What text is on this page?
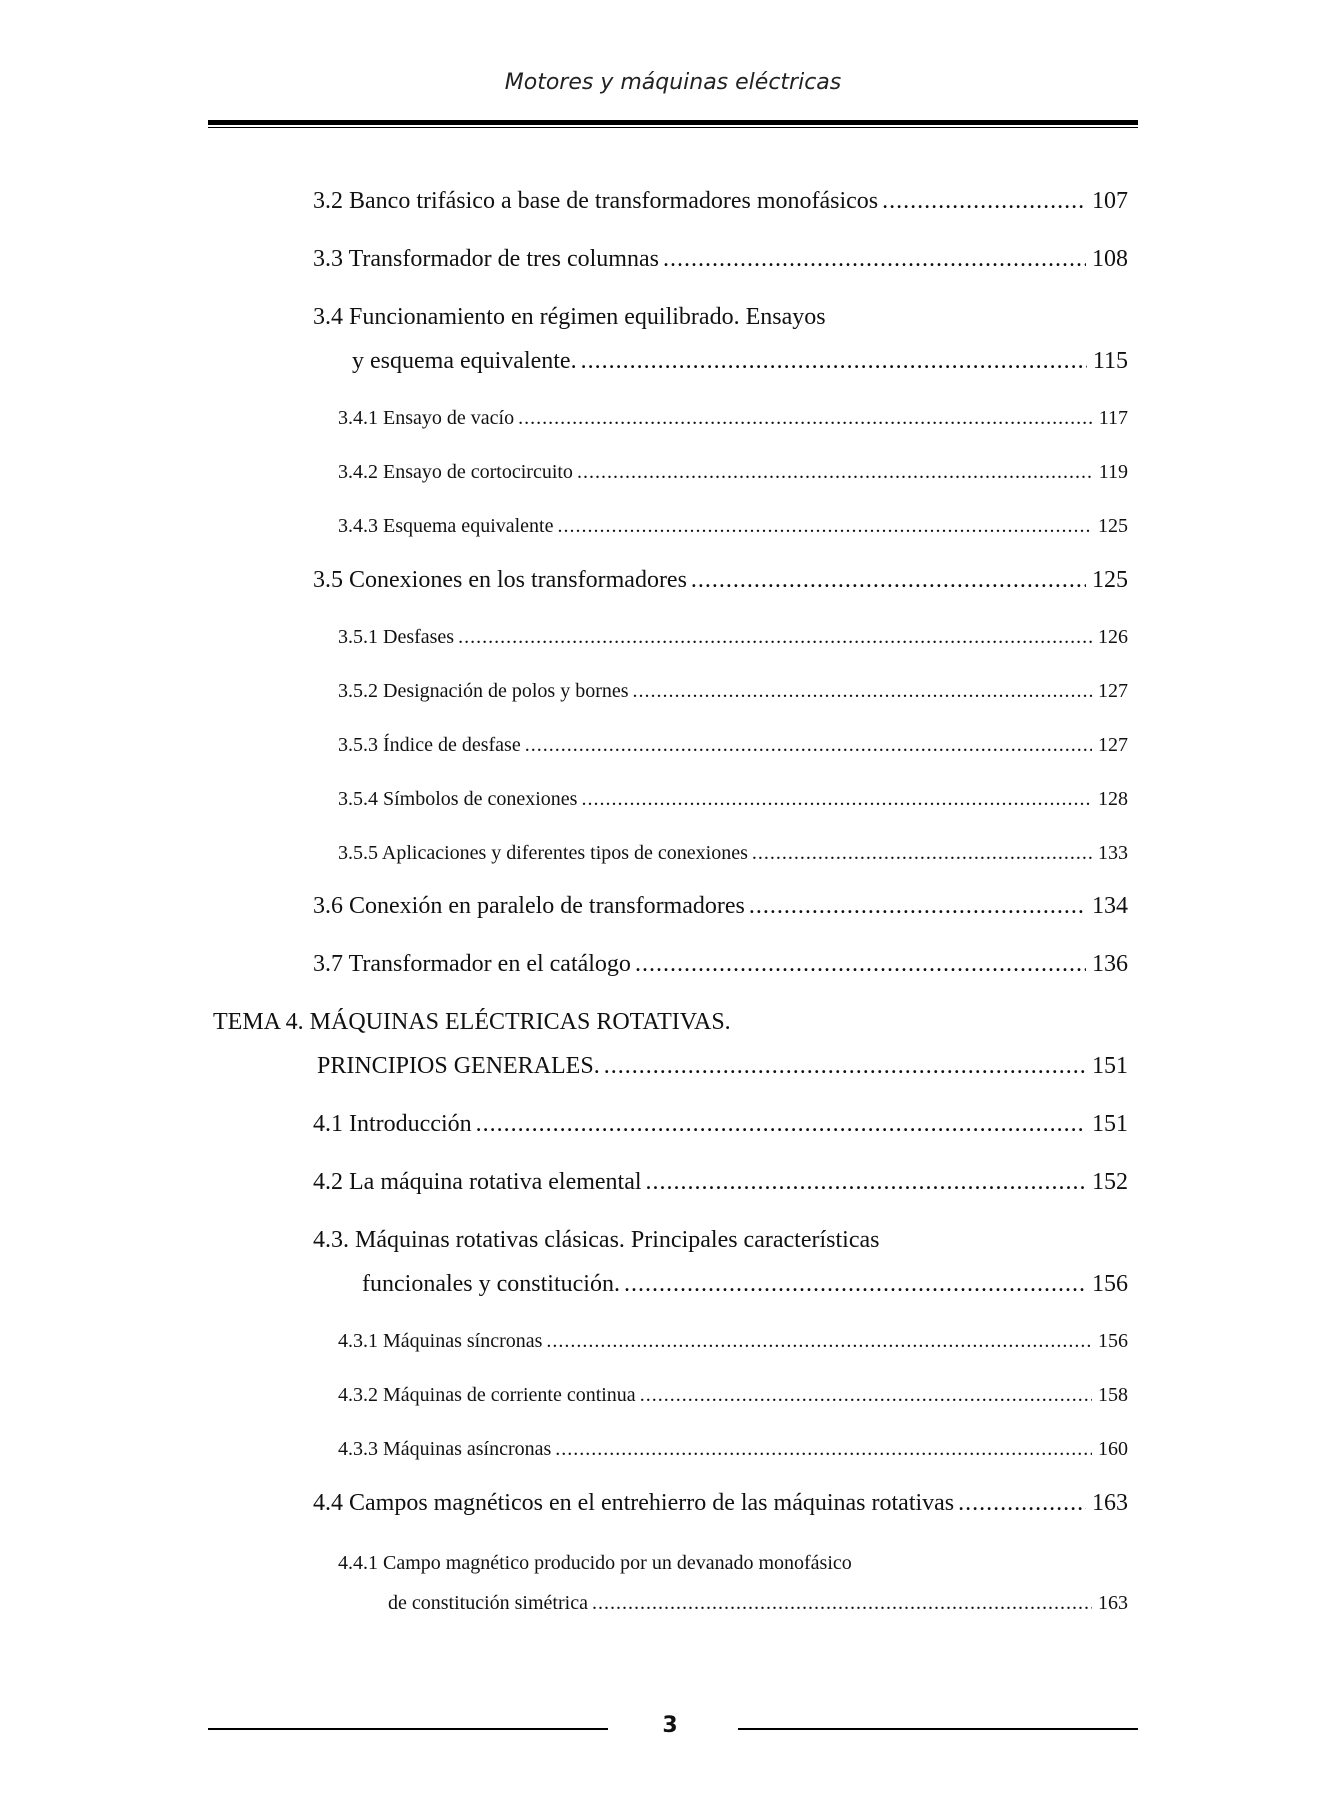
Motores y máquinas eléctricas
3.2 Banco trifásico a base de transformadores monofásicos .....	107
3.3 Transformador de tres columnas .....	108
3.4 Funcionamiento en régimen equilibrado. Ensayos
y esquema equivalente. .....	115
3.4.1 Ensayo de vacío .....	117
3.4.2 Ensayo de cortocircuito .....	119
3.4.3 Esquema equivalente .....	125
3.5 Conexiones en los transformadores .....	125
3.5.1 Desfases .....	126
3.5.2 Designación de polos y bornes .....	127
3.5.3 Índice de desfase .....	127
3.5.4 Símbolos de conexiones .....	128
3.5.5 Aplicaciones y diferentes tipos de conexiones .....	133
3.6 Conexión en paralelo de transformadores .....	134
3.7 Transformador en el catálogo .....	136
TEMA 4. MÁQUINAS ELÉCTRICAS ROTATIVAS.
PRINCIPIOS GENERALES. .....	151
4.1 Introducción .....	151
4.2 La máquina rotativa elemental .....	152
4.3. Máquinas rotativas clásicas. Principales características
funcionales y constitución. .....	156
4.3.1 Máquinas síncronas .....	156
4.3.2 Máquinas de corriente continua .....	158
4.3.3 Máquinas asíncronas .....	160
4.4 Campos magnéticos en el entrehierro de las máquinas rotativas .....	163
4.4.1 Campo magnético producido por un devanado monofásico
de constitución simétrica .....	163
3
